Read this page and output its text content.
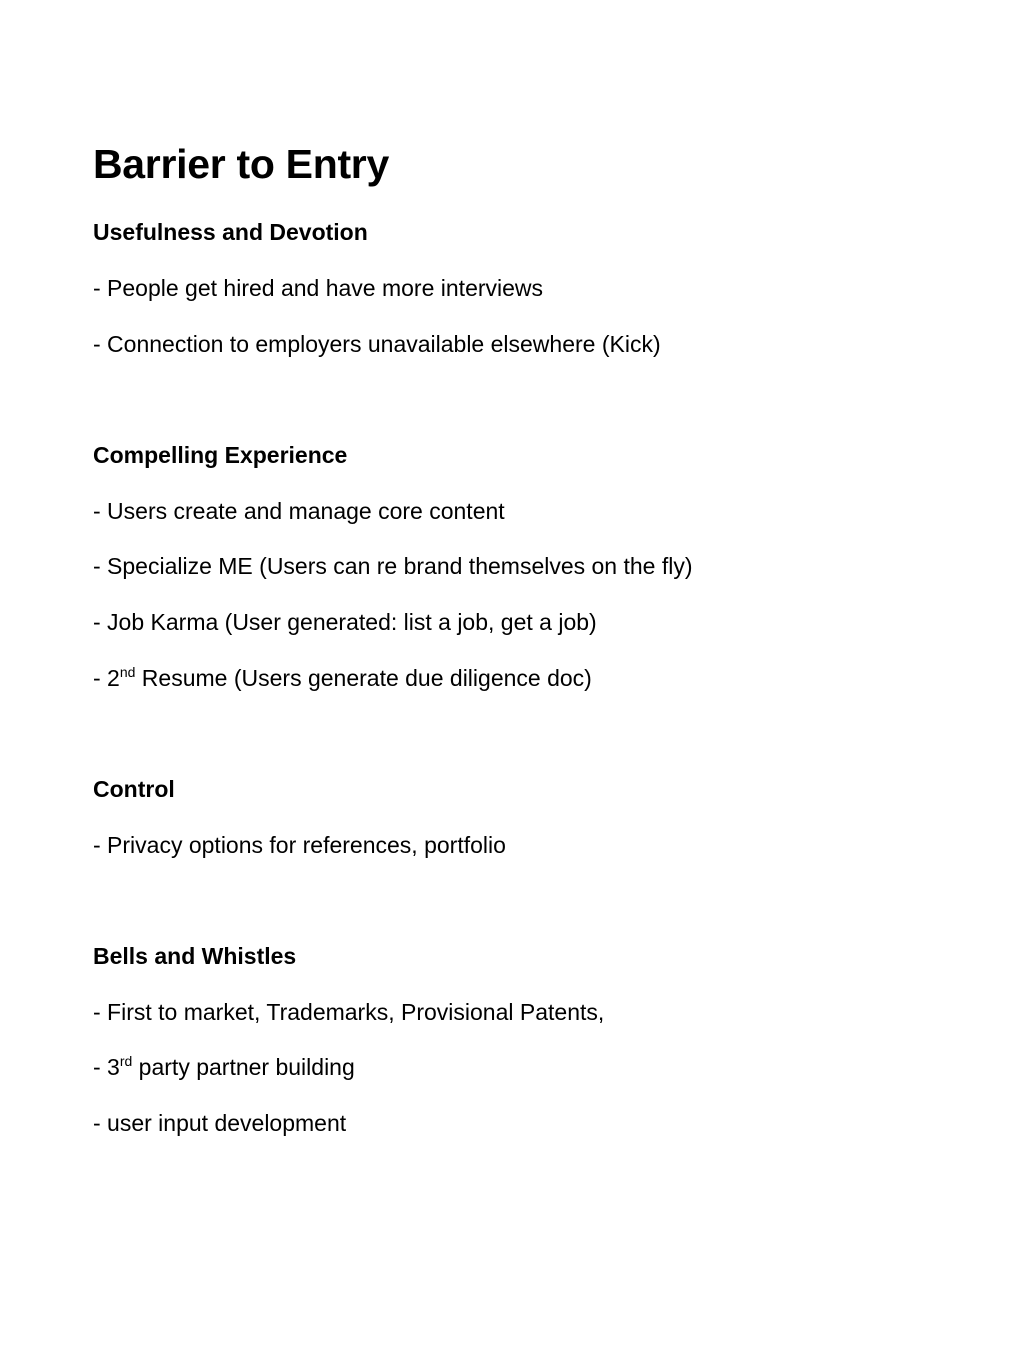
Barrier to Entry

Usefulness and Devotion

- People get hired and have more interviews

- Connection to employers unavailable elsewhere (Kick)

Compelling Experience

- Users create and manage core content

- Specialize ME (Users can re brand themselves on the fly)

- Job Karma (User generated: list a job, get a job)

- 2nd Resume (Users generate due diligence doc)

Control

- Privacy options for references, portfolio

Bells and Whistles

- First to market, Trademarks, Provisional Patents,

- 3rd party partner building

- user input development
